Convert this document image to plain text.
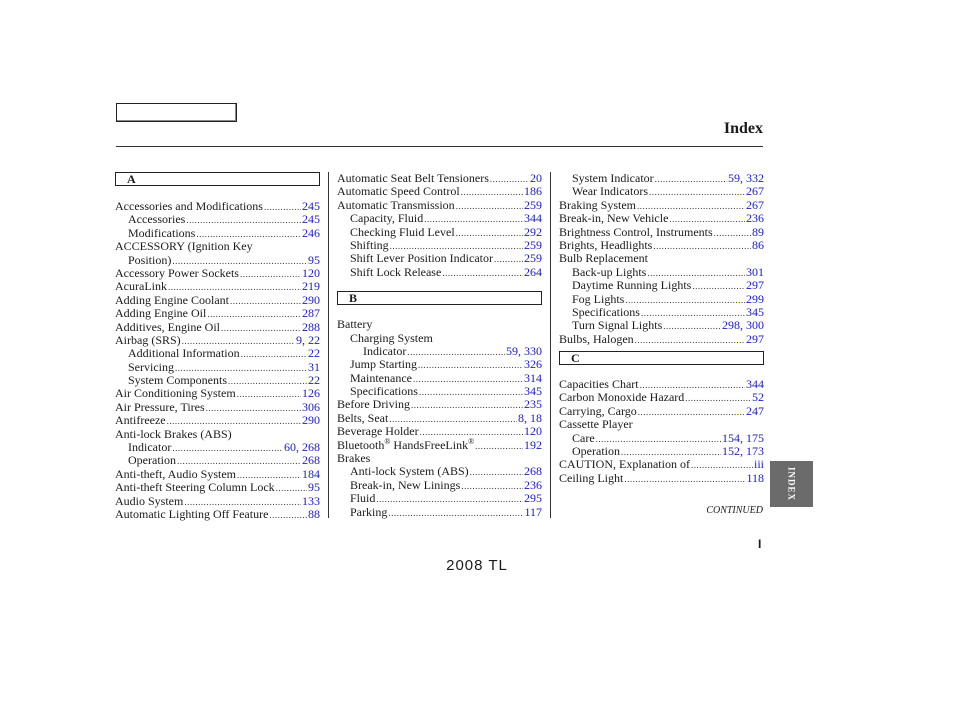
Index
A
Accessories and Modifications .....	245
Accessories .....	245
Modifications .....	246
ACCESSORY (Ignition Key
Position) .....	95
Accessory Power Sockets .....	120
AcuraLink .....	219
Adding Engine Coolant .....	290
Adding Engine Oil .....	287
Additives, Engine Oil .....	288
Airbag (SRS) .....	9, 22
Additional Information .....	22
Servicing .....	31
System Components .....	22
Air Conditioning System .....	126
Air Pressure, Tires .....	306
Antifreeze .....	290
Anti-lock Brakes (ABS)
Indicator .....	60, 268
Operation .....	268
Anti-theft, Audio System .....	184
Anti-theft Steering Column Lock .....	95
Audio System .....	133
Automatic Lighting Off Feature .....	88
Automatic Seat Belt Tensioners .....	20
Automatic Speed Control .....	186
Automatic Transmission .....	259
Capacity, Fluid .....	344
Checking Fluid Level .....	292
Shifting .....	259
Shift Lever Position Indicator .....	259
Shift Lock Release .....	264
B
Battery
Charging System
Indicator .....	59, 330
Jump Starting .....	326
Maintenance .....	314
Specifications .....	345
Before Driving .....	235
Belts, Seat .....	8, 18
Beverage Holder .....	120
Bluetooth® HandsFreeLink® .....	192
Brakes
Anti-lock System (ABS) .....	268
Break-in, New Linings .....	236
Fluid .....	295
Parking .....	117
System Indicator .....	59, 332
Wear Indicators .....	267
Braking System .....	267
Break-in, New Vehicle .....	236
Brightness Control, Instruments .....	89
Brights, Headlights .....	86
Bulb Replacement
Back-up Lights .....	301
Daytime Running Lights .....	297
Fog Lights .....	299
Specifications .....	345
Turn Signal Lights .....	298, 300
Bulbs, Halogen .....	297
C
Capacities Chart .....	344
Carbon Monoxide Hazard .....	52
Carrying, Cargo .....	247
Cassette Player
Care .....	154, 175
Operation .....	152, 173
CAUTION, Explanation of .....	iii
Ceiling Light .....	118
CONTINUED
INDEX
I
2008 TL
